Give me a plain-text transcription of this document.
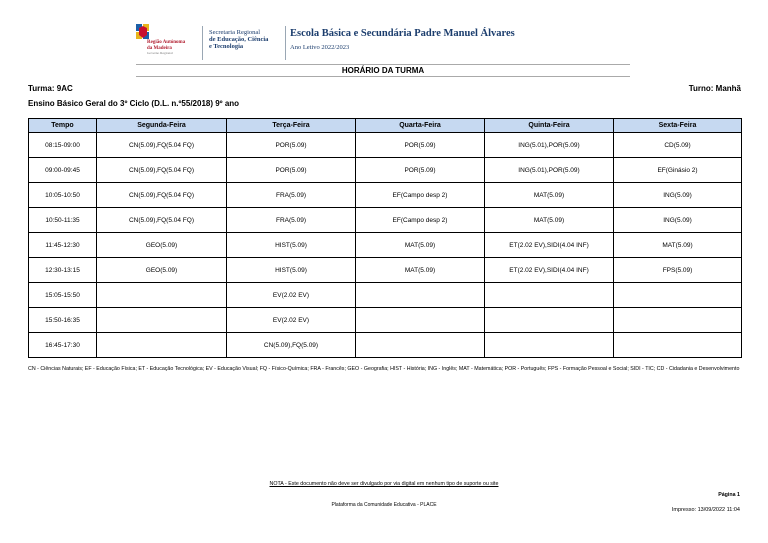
Região Autónoma
da Madeira
Governo Regional
Secretaria Regional
de Educação, Ciência
e Tecnologia
Escola Básica e Secundária Padre Manuel Álvares
Ano Letivo 2022/2023
HORÁRIO DA TURMA
Turma: 9AC	Turno: Manhã
Ensino Básico Geral do 3º Ciclo (D.L. n.º55/2018) 9º ano
Tempo	Segunda-Feira	Terça-Feira	Quarta-Feira	Quinta-Feira	Sexta-Feira
08:15-09:00	CN(5.09),FQ(5.04 FQ)	POR(5.09)	POR(5.09)	ING(5.01),POR(5.09)	CD(5.09)
09:00-09:45	CN(5.09),FQ(5.04 FQ)	POR(5.09)	POR(5.09)	ING(5.01),POR(5.09)	EF(Ginásio 2)
10:05-10:50	CN(5.09),FQ(5.04 FQ)	FRA(5.09)	EF(Campo desp 2)	MAT(5.09)	ING(5.09)
10:50-11:35	CN(5.09),FQ(5.04 FQ)	FRA(5.09)	EF(Campo desp 2)	MAT(5.09)	ING(5.09)
11:45-12:30	GEO(5.09)	HIST(5.09)	MAT(5.09)	ET(2.02 EV),SIDI(4.04 INF)	MAT(5.09)
12:30-13:15	GEO(5.09)	HIST(5.09)	MAT(5.09)	ET(2.02 EV),SIDI(4.04 INF)	FPS(5.09)
15:05-15:50		EV(2.02 EV)			
15:50-16:35		EV(2.02 EV)			
16:45-17:30		CN(5.09),FQ(5.09)			
CN - Ciências Naturais; EF - Educação Física; ET - Educação Tecnológica; EV - Educação Visual; FQ - Físico-Química; FRA - Francês; GEO - Geografia; HIST - História; ING - Inglês; MAT - Matemática; POR - Português; FPS - Formação Pessoal e Social; SIDI - TIC; CD - Cidadania e Desenvolvimento
NOTA - Este documento não deve ser divulgado por via digital em nenhum tipo de suporte ou site
Página 1
Plataforma da Comunidade Educativa - PLACE
Impresso: 13/09/2022 11:04
